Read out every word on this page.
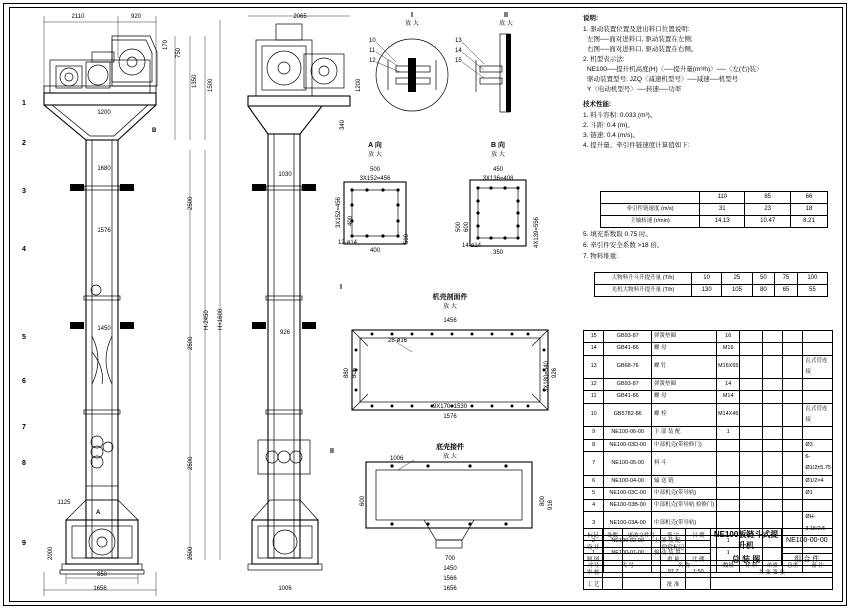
2110	920
170
750
1350 1500
1200
1680
1576
1450
1125
2000
1656
850
2500
2500
2500
2500
H+1600
H-2450
2065
1200
1030
926
1006
340
B
A
I
放 大
II
放 大
10
11
12
13
14
15
A 向
放 大
B 向
放 大
500
400
3X152=456 400
500
3X152=456
12-ø14
450
350
3X136=408
4X139=556
600
500
14-ø14
机壳剖面件
放 大
1456
1576
9X170=1530
880 806	926
3X180=540
28-ø16
底壳接件
放 大
1006
700
1450
1566
1656
600	800 916
1
2
3
4
5
6
7
8
9
I
II
说明:
1. 驱动装置位置及进出料口位置说明:
左图──面对进料口, 驱动装置在左侧;
右图──面对进料口, 驱动装置在右侧。
2. 机型表示法:
NE100──提升机高度(H)〈──提升量(m³/h)〉──〈左(右)装〉
驱动装置型号: JZQ〈减速机型号〉──减速──机型号
Y〈电动机型号〉──转速──功率
技术性能:
1. 料斗容积: 0.033 (m³)。
2. 斗距: 0.4 (m)。
3. 链速: 0.4 (m/s)。
4. 提升量、牵引件链速度计算值如下:
	110	85	66
牵引件链速度 (m/s)	31	23	18
主轴转速 (r/min)	14.13	10.47	8.21
5. 填充系数取 0.75 时。
6. 牵引件安全系数 >18 倍。
7. 物料堆重:
大物料升斗升提升量 (T/h)	10	25	50	75	100
光机大物料升提升量 (T/h)	130	105	80	65	55
15	GB93-87	弹簧垫圈	16				
14	GB41-86	螺 母	M16				
13	GB68-76	螺 钉	M16X65				瓦式管连接
12	GB93-87	弹簧垫圈	14				
11	GB41-86	螺 母	M14				
10	GB5782-86	螺 栓	M14X45				瓦式管连接
9	NE100-06-00	下 部 装 配	1				
8	NE100-03D-00	中部机壳(带检修门)					Ø3
7	NE100-05-00	料 斗					6-Ø1/2±5.75
6	NE100-04-00	输 送 链					Ø1/2×4
5	NE100-03C-00	中部机壳(带导轨)					Ø1
4	NE100-03B-00	中部机壳(带导轨 检修门)					
3	NE100-03A-00	中部机壳(带导轨)					ØH-3.15/2.5
2	NE100-02-00	上 部 装 配	1				
1	NE100-01-00	驱 动 装 置	1				
序号	代 号	名 称	数量	材 料	单重	总重	备 注
标记	处数	更改文件号	签 字	日 期	NE100板链斗式提升机
总 装 图	NE100-00-00
设 计			阶段标记			
制 图			重 量	比 例		组 合 件
审 核			97.7	1:50	共 张 第 张	
工 艺			批 准			
